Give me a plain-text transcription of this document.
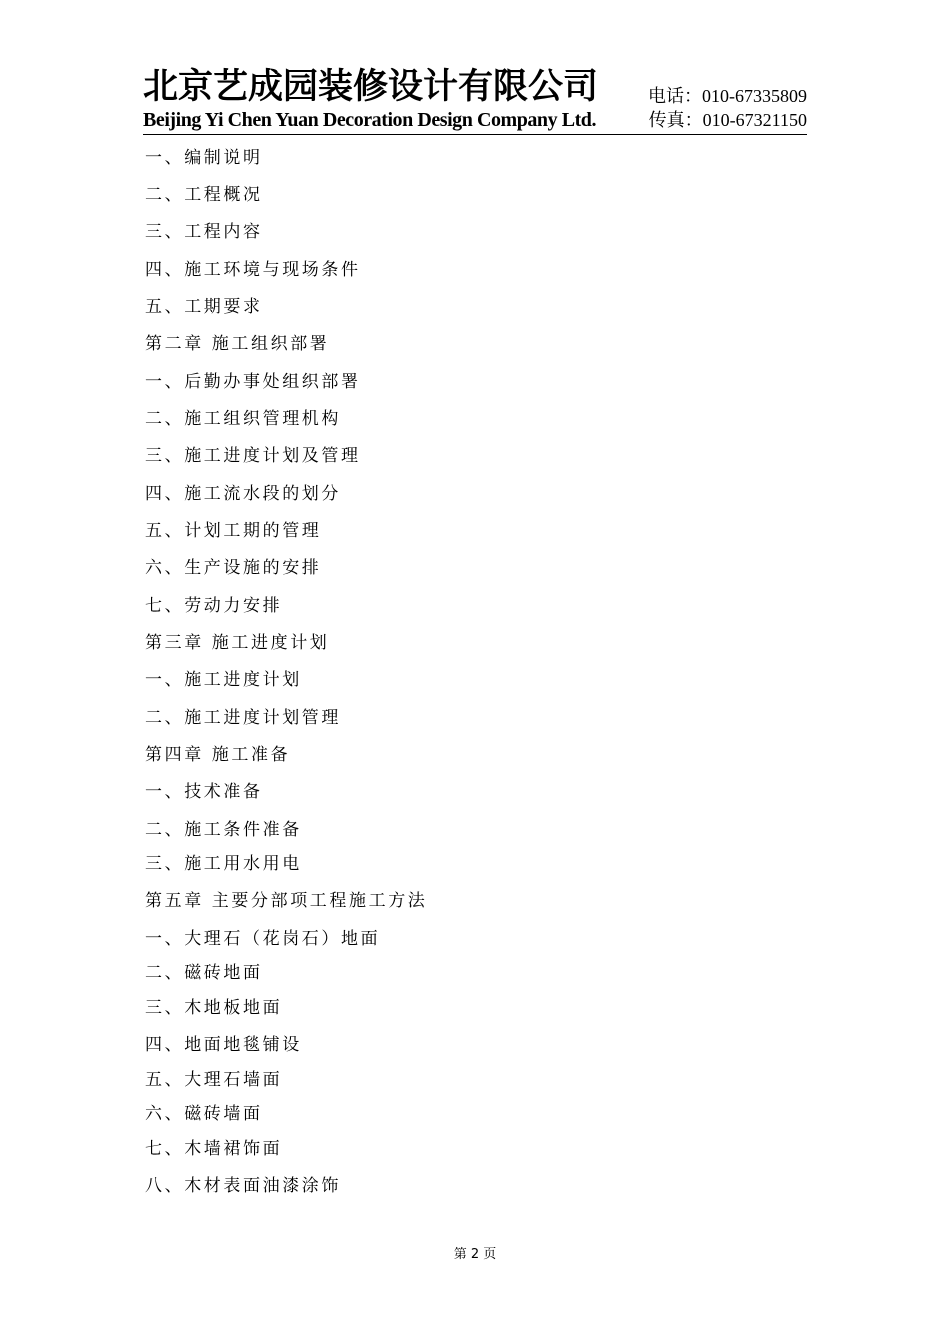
北京艺成园装修设计有限公司	电话：010-67335809
Beijing Yi Chen Yuan Decoration Design Company Ltd.	传真：010-67321150
一、编制说明
二、工程概况
三、工程内容
四、施工环境与现场条件
五、工期要求
第二章 施工组织部署
一、后勤办事处组织部署
二、施工组织管理机构
三、施工进度计划及管理
四、施工流水段的划分
五、计划工期的管理
六、生产设施的安排
七、劳动力安排
第三章 施工进度计划
一、施工进度计划
二、施工进度计划管理
第四章 施工准备
一、技术准备
二、施工条件准备
三、施工用水用电
第五章 主要分部项工程施工方法
一、大理石（花岗石）地面
二、磁砖地面
三、木地板地面
四、地面地毯铺设
五、大理石墙面
六、磁砖墙面
七、木墙裙饰面
八、木材表面油漆涂饰
第 2 页
